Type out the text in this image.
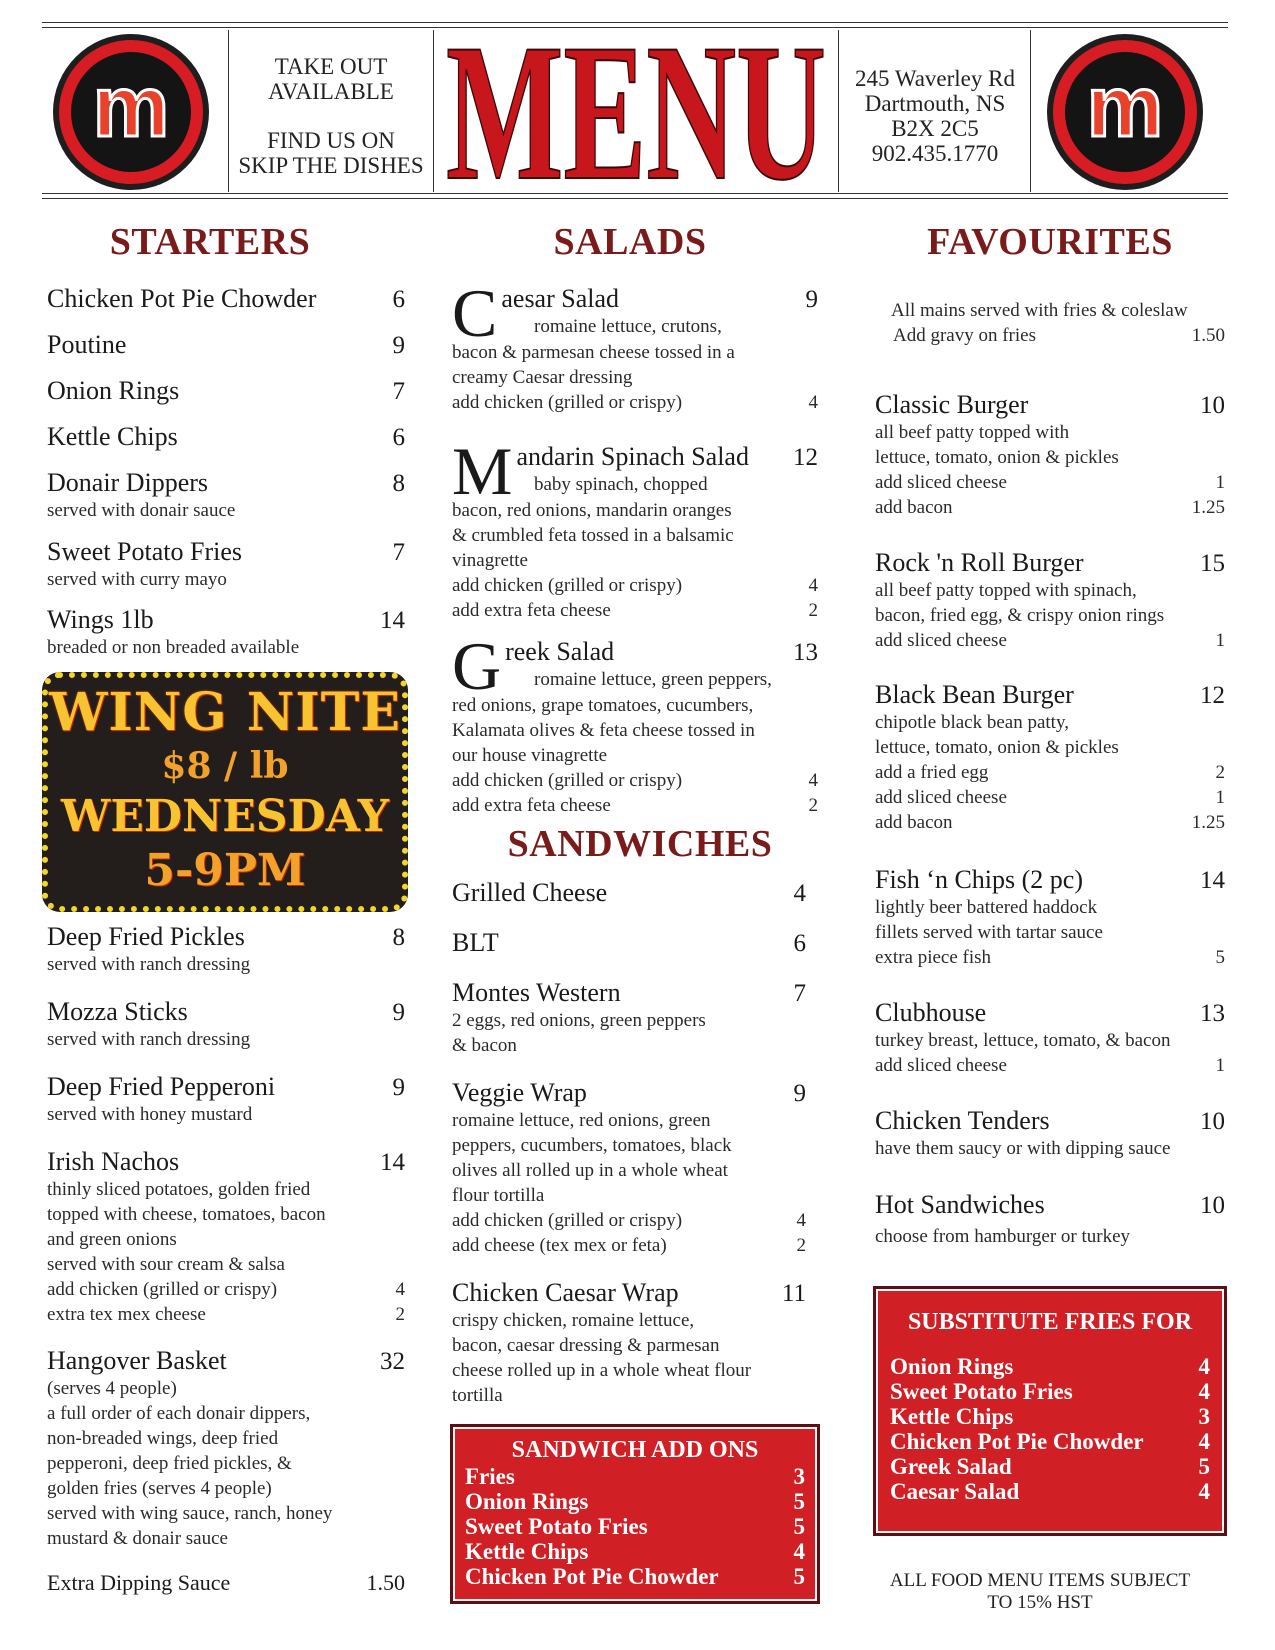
m	m
TAKE OUT
AVAILABLE
FIND US ON
SKIP THE DISHES MENU	245 Waverley Rd
Dartmouth, NS
B2X 2C5
902.435.1770
STARTERS	SALADS	FAVOURITES
Chicken Pot Pie Chowder	6
Poutine	9
Onion Rings	7
Kettle Chips	6
Donair Dippers	8
served with donair sauce
Sweet Potato Fries	7
served with curry mayo
Wings 1lb	14
breaded or non breaded available
Deep Fried Pickles	8
served with ranch dressing
Mozza Sticks	9
served with ranch dressing
Deep Fried Pepperoni	9
served with honey mustard
Irish Nachos	14
thinly sliced potatoes, golden fried
topped with cheese, tomatoes, bacon
and green onions
served with sour cream & salsa
add chicken (grilled or crispy)	4
extra tex mex cheese	2
Hangover Basket	32
(serves 4 people)
a full order of each donair dippers,
non-breaded wings, deep fried
pepperoni, deep fried pickles, &
golden fries (serves 4 people)
served with wing sauce, ranch, honey
mustard & donair sauce
Extra Dipping Sauce	1.50
WING NITE
$8 / lb
WEDNESDAY
5-9PM
C aesar Salad	9
romaine lettuce, crutons,
bacon & parmesan cheese tossed in a
creamy Caesar dressing
add chicken (grilled or crispy)	4
M andarin Spinach Salad 12
baby spinach, chopped
bacon, red onions, mandarin oranges
& crumbled feta tossed in a balsamic
vinagrette
add chicken (grilled or crispy)	4
add extra feta cheese	2
G reek Salad	13
romaine lettuce, green peppers,
red onions, grape tomatoes, cucumbers,
Kalamata olives & feta cheese tossed in
our house vinagrette
add chicken (grilled or crispy)	4
add extra feta cheese	2
SANDWICHES
Grilled Cheese	4
BLT	6
Montes Western	7
2 eggs, red onions, green peppers
& bacon
Veggie Wrap	9
romaine lettuce, red onions, green
peppers, cucumbers, tomatoes, black
olives all rolled up in a whole wheat
flour tortilla
add chicken (grilled or crispy)	4
add cheese (tex mex or feta)	2
Chicken Caesar Wrap	11
crispy chicken, romaine lettuce,
bacon, caesar dressing & parmesan
cheese rolled up in a whole wheat flour
tortilla
SANDWICH ADD ONS
Fries	3
Onion Rings	5
Sweet Potato Fries	5
Kettle Chips	4
Chicken Pot Pie Chowder	5
All mains served with fries & coleslaw
Add gravy on fries	1.50
Classic Burger	10
all beef patty topped with
lettuce, tomato, onion & pickles
add sliced cheese	1
add bacon	1.25
Rock 'n Roll Burger	15
all beef patty topped with spinach,
bacon, fried egg, & crispy onion rings
add sliced cheese	1
Black Bean Burger	12
chipotle black bean patty,
lettuce, tomato, onion & pickles
add a fried egg	2
add sliced cheese	1
add bacon	1.25
Fish ‘n Chips (2 pc)	14
lightly beer battered haddock
fillets served with tartar sauce
extra piece fish	5
Clubhouse	13
turkey breast, lettuce, tomato, & bacon
add sliced cheese	1
Chicken Tenders	10
have them saucy or with dipping sauce
Hot Sandwiches	10
choose from hamburger or turkey
SUBSTITUTE FRIES FOR
Onion Rings	4
Sweet Potato Fries	4
Kettle Chips	3
Chicken Pot Pie Chowder 4
Greek Salad	5
Caesar Salad	4
ALL FOOD MENU ITEMS SUBJECT
TO 15% HST
